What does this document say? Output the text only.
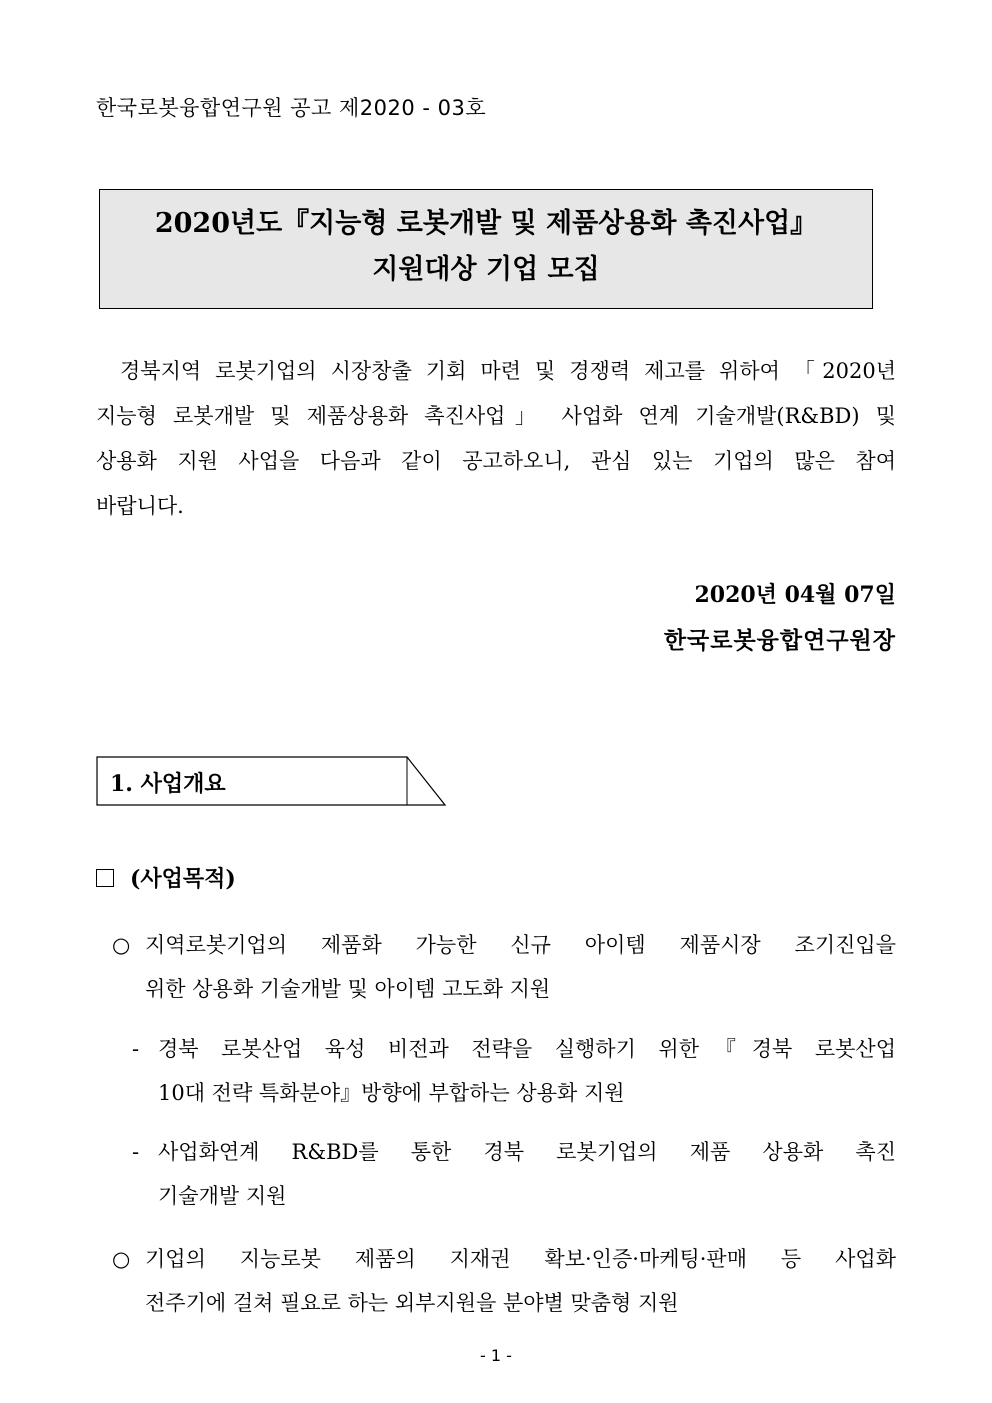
한국로봇융합연구원 공고 제2020 - 03호
2020년도『지능형 로봇개발 및 제품상용화 촉진사업』
지원대상 기업 모집
경북지역 로봇기업의 시장창출 기회 마련 및 경쟁력 제고를 위하여 「2020년
지능형 로봇개발 및 제품상용화 촉진사업」 사업화 연계 기술개발(R&BD) 및
상용화 지원 사업을 다음과 같이 공고하오니, 관심 있는 기업의 많은 참여
바랍니다.
2020년 04월 07일
한국로봇융합연구원장
1. 사업개요
(사업목적)
○ 지역로봇기업의 제품화 가능한 신규 아이템 제품시장 조기진입을
위한 상용화 기술개발 및 아이템 고도화 지원
- 경북 로봇산업 육성 비전과 전략을 실행하기 위한『경북 로봇산업
10대 전략 특화분야』방향에 부합하는 상용화 지원
- 사업화연계 R&BD를 통한 경북 로봇기업의 제품 상용화 촉진
기술개발 지원
○ 기업의 지능로봇 제품의 지재권 확보·인증·마케팅·판매 등 사업화
전주기에 걸쳐 필요로 하는 외부지원을 분야별 맞춤형 지원
- 1 -
